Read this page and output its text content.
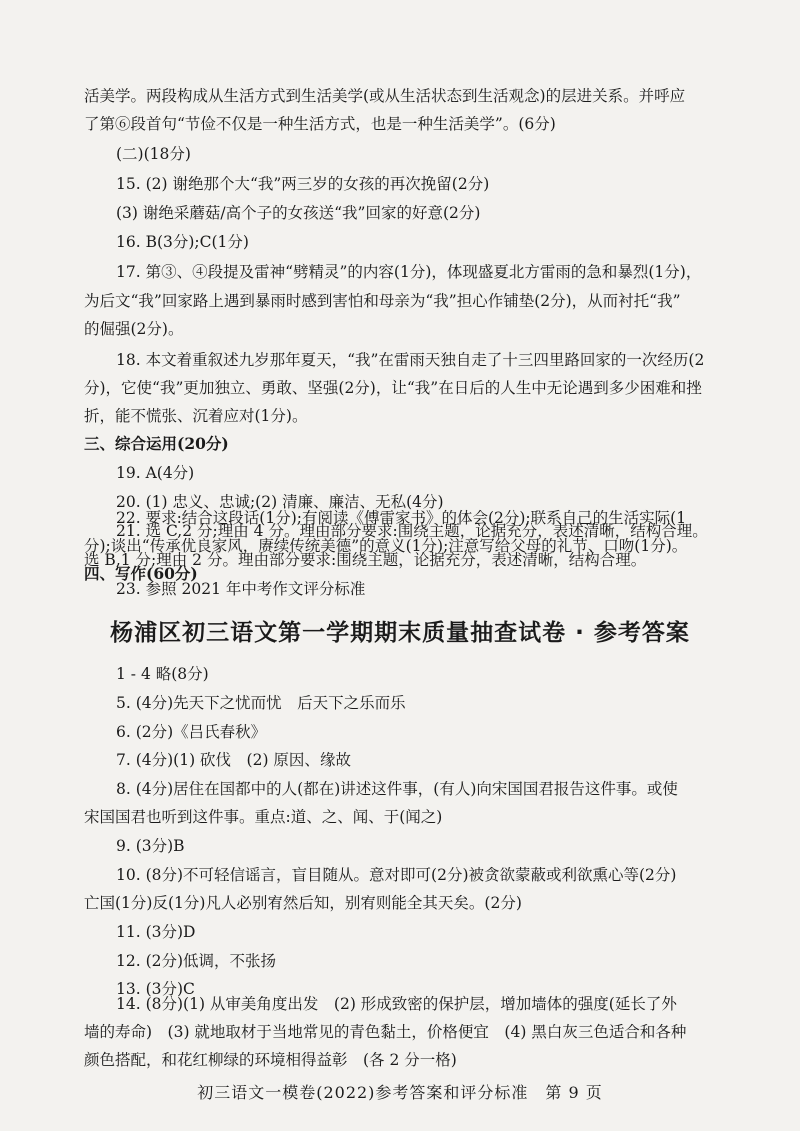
活美学。两段构成从生活方式到生活美学(或从生活状态到生活观念)的层进关系。并呼应
了第⑥段首句“节俭不仅是一种生活方式，也是一种生活美学”。(6分)
(二)(18分)
15. (2) 谢绝那个大“我”两三岁的女孩的再次挽留(2分)
(3) 谢绝采蘑菇/高个子的女孩送“我”回家的好意(2分)
16. B(3分);C(1分)
17. 第③、④段提及雷神“劈精灵”的内容(1分)，体现盛夏北方雷雨的急和暴烈(1分)，
为后文“我”回家路上遇到暴雨时感到害怕和母亲为“我”担心作铺垫(2分)，从而衬托“我”
的倔强(2分)。
18. 本文着重叙述九岁那年夏天，“我”在雷雨天独自走了十三四里路回家的一次经历(2
分)，它使“我”更加独立、勇敢、坚强(2分)，让“我”在日后的人生中无论遇到多少困难和挫
折，能不慌张、沉着应对(1分)。
三、综合运用(20分)
19. A(4分)
20. (1) 忠义、忠诚;(2) 清廉、廉洁、无私(4分)
21. 选 C,2 分;理由 4 分。理由部分要求:围绕主题，论据充分，表述清晰，结构合理。
选 B,1 分;理由 2 分。理由部分要求:围绕主题，论据充分，表述清晰，结构合理。
22. 要求:结合这段话(1分);有阅读《傅雷家书》的体会(2分);联系自己的生活实际(1
分);谈出“传承优良家风，赓续传统美德”的意义(1分);注意写给父母的礼节、口吻(1分)。
四、写作(60分)
23. 参照 2021 年中考作文评分标准
杨浦区初三语文第一学期期末质量抽查试卷 · 参考答案
1 - 4 略(8分)
5. (4分)先天下之忧而忧　后天下之乐而乐
6. (2分)《吕氏春秋》
7. (4分)(1) 砍伐　(2) 原因、缘故
8. (4分)居住在国都中的人(都在)讲述这件事，(有人)向宋国国君报告这件事。或使
宋国国君也听到这件事。重点:道、之、闻、于(闻之)
9. (3分)B
10. (8分)不可轻信谣言，盲目随从。意对即可(2分)被贪欲蒙蔽或利欲熏心等(2分)
亡国(1分)反(1分)凡人必别宥然后知，别宥则能全其天矣。(2分)
11. (3分)D
12. (2分)低调，不张扬
13. (3分)C
14. (8分)(1) 从审美角度出发　(2) 形成致密的保护层，增加墙体的强度(延长了外
墙的寿命)　(3) 就地取材于当地常见的青色黏土，价格便宜　(4) 黑白灰三色适合和各种
初三语文一模卷(2022)参考答案和评分标准　第 9 页
颜色搭配，和花红柳绿的环境相得益彰　(各 2 分一格)
